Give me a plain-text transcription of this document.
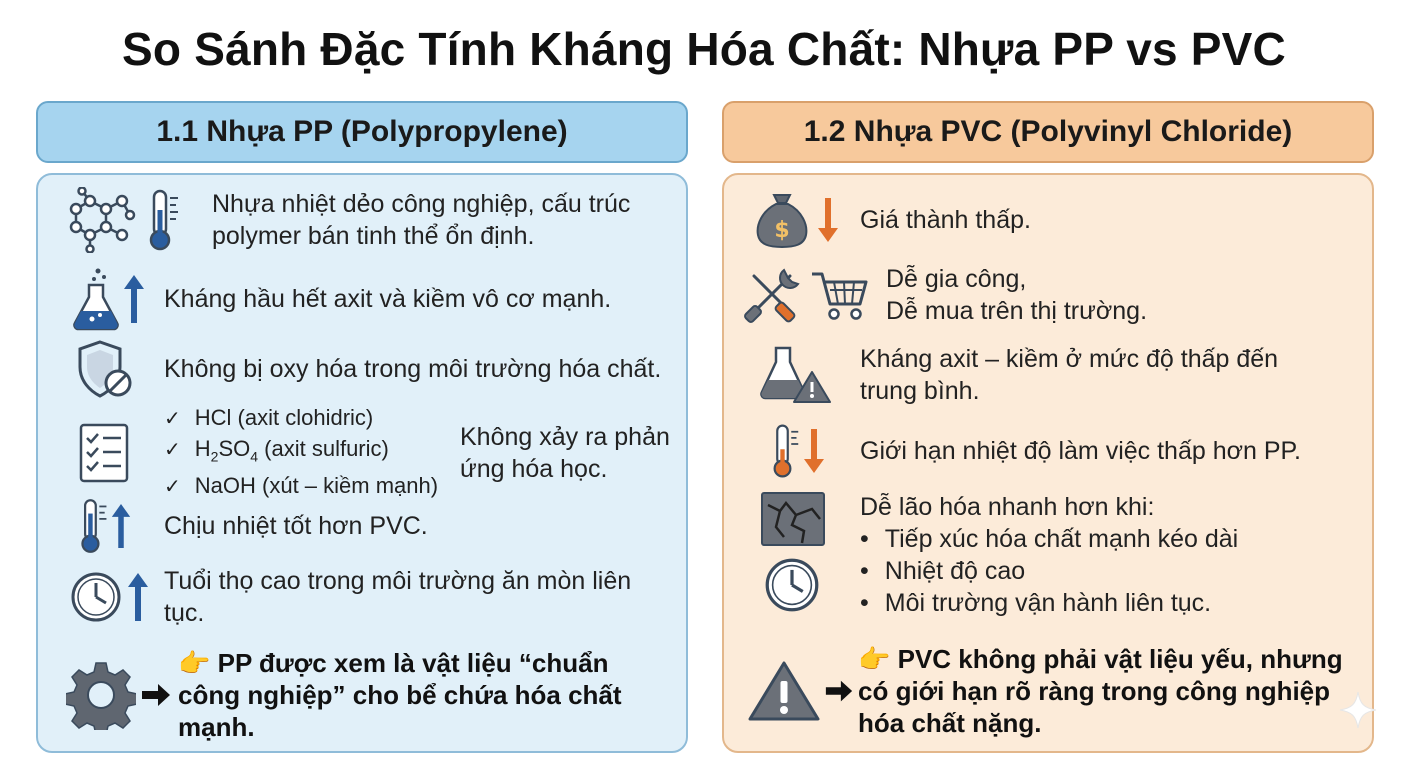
So Sánh Đặc Tính Kháng Hóa Chất: Nhựa PP vs PVC
1.1 Nhựa PP (Polypropylene)	1.2 Nhựa PVC (Polyvinyl Chloride)
Nhựa nhiệt dẻo công nghiệp, cấu trúc polymer bán tinh thể ổn định.
Kháng hầu hết axit và kiềm vô cơ mạnh.
Không bị oxy hóa trong môi trường hóa chất.
✓ HCl (axit clohidric)
✓ $H_2SO_4$ (axit sulfuric)
✓ NaOH (xút – kiềm mạnh)
Không xảy ra phản ứng hóa học.
Chịu nhiệt tốt hơn PVC.
Tuổi thọ cao trong môi trường ăn mòn liên tục.
👉 PP được xem là vật liệu “chuẩn công nghiệp” cho bể chứa hóa chất mạnh.
$	Giá thành thấp.
Dễ gia công,
Dễ mua trên thị trường.
Kháng axit – kiềm ở mức độ thấp đến trung bình.
Giới hạn nhiệt độ làm việc thấp hơn PP.
Dễ lão hóa nhanh hơn khi:
• Tiếp xúc hóa chất mạnh kéo dài
• Nhiệt độ cao
• Môi trường vận hành liên tục.
👉 PVC không phải vật liệu yếu, nhưng có giới hạn rõ ràng trong công nghiệp hóa chất nặng.
